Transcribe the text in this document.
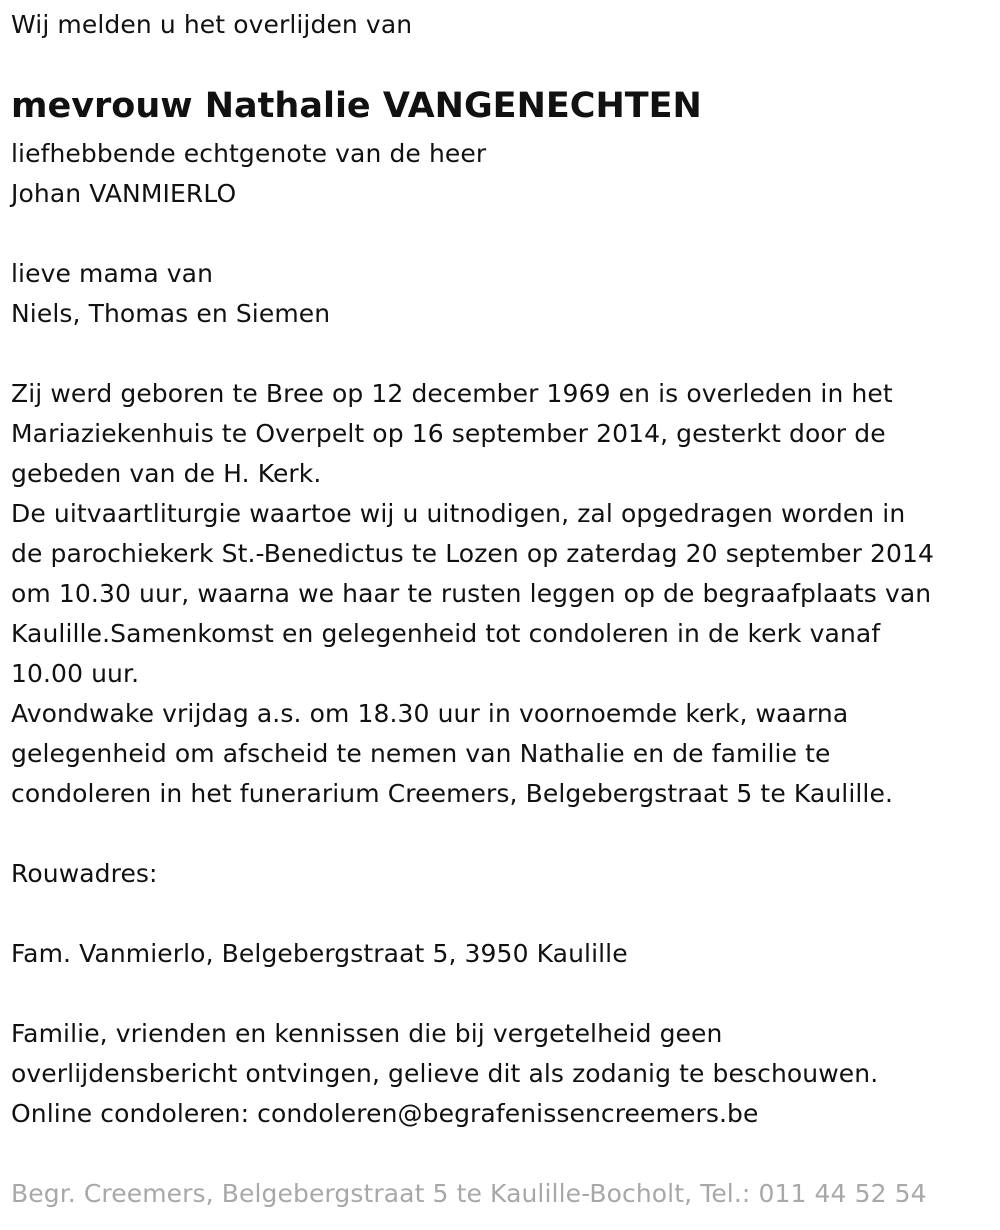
Wij melden u het overlijden van
mevrouw Nathalie VANGENECHTEN
liefhebbende echtgenote van de heer
Johan VANMIERLO
lieve mama van
Niels, Thomas en Siemen
Zij werd geboren te Bree op 12 december 1969 en is overleden in het
Mariaziekenhuis te Overpelt op 16 september 2014, gesterkt door de
gebeden van de H. Kerk.
De uitvaartliturgie waartoe wij u uitnodigen, zal opgedragen worden in
de parochiekerk St.-Benedictus te Lozen op zaterdag 20 september 2014
om 10.30 uur, waarna we haar te rusten leggen op de begraafplaats van
Kaulille.Samenkomst en gelegenheid tot condoleren in de kerk vanaf
10.00 uur.
Avondwake vrijdag a.s. om 18.30 uur in voornoemde kerk, waarna
gelegenheid om afscheid te nemen van Nathalie en de familie te
condoleren in het funerarium Creemers, Belgebergstraat 5 te Kaulille.
Rouwadres:
Fam. Vanmierlo, Belgebergstraat 5, 3950 Kaulille
Familie, vrienden en kennissen die bij vergetelheid geen
overlijdensbericht ontvingen, gelieve dit als zodanig te beschouwen.
Online condoleren: condoleren@begrafenissencreemers.be
Begr. Creemers, Belgebergstraat 5 te Kaulille-Bocholt, Tel.: 011 44 52 54
